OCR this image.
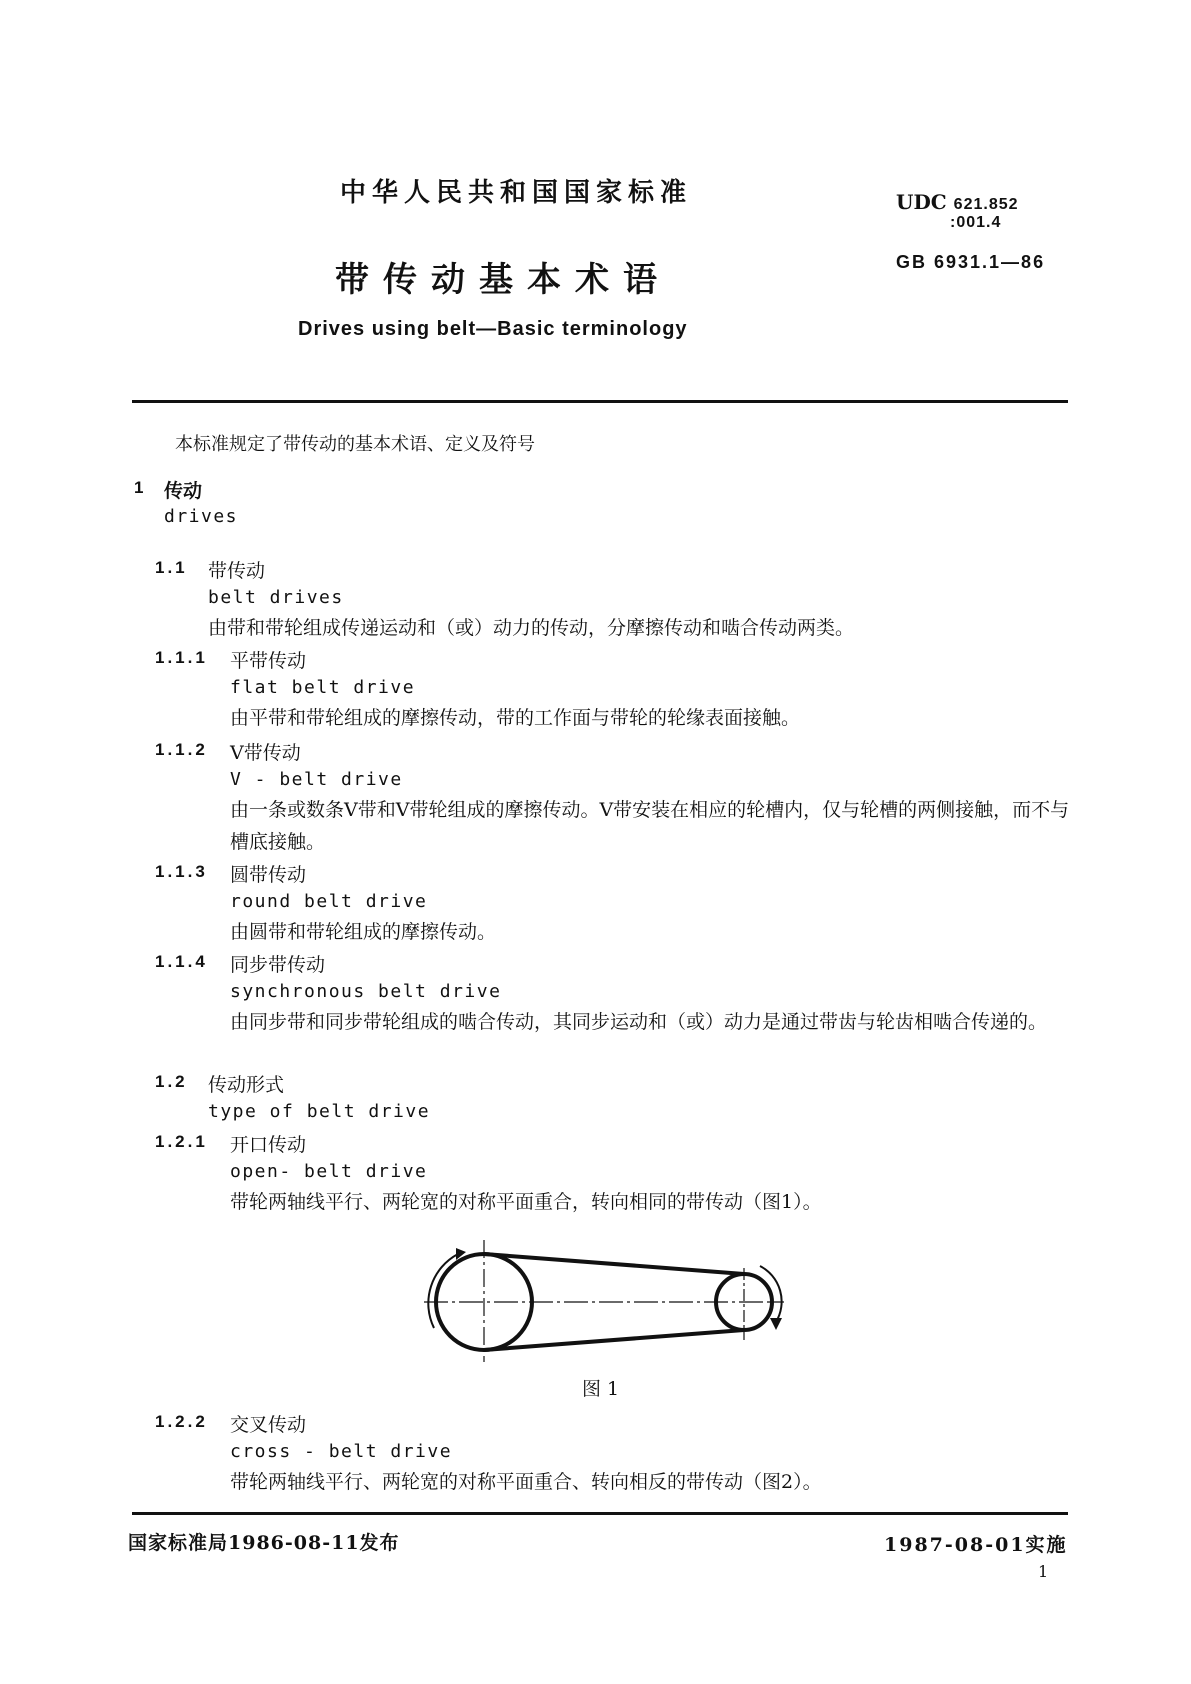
中华人民共和国国家标准
带传动基本术语
Drives using belt—Basic terminology
UDC 621.852
:001.4
GB 6931.1—86
本标准规定了带传动的基本术语、定义及符号
1 传动
drives
1.1 带传动
belt drives
由带和带轮组成传递运动和（或）动力的传动，分摩擦传动和啮合传动两类。
1.1.1 平带传动
flat belt drive
由平带和带轮组成的摩擦传动，带的工作面与带轮的轮缘表面接触。
1.1.2 V带传动
V - belt drive
由一条或数条V带和V带轮组成的摩擦传动。V带安装在相应的轮槽内，仅与轮槽的两侧接触，而不与槽底接触。
1.1.3 圆带传动
round belt drive
由圆带和带轮组成的摩擦传动。
1.1.4 同步带传动
synchronous belt drive
由同步带和同步带轮组成的啮合传动，其同步运动和（或）动力是通过带齿与轮齿相啮合传递的。
1.2 传动形式
type of belt drive
1.2.1 开口传动
open- belt drive
带轮两轴线平行、两轮宽的对称平面重合，转向相同的带传动（图1）。
图 1
1.2.2 交叉传动
cross - belt drive
带轮两轴线平行、两轮宽的对称平面重合、转向相反的带传动（图2）。
国家标准局1986-08-11发布	1987-08-01实施
1
